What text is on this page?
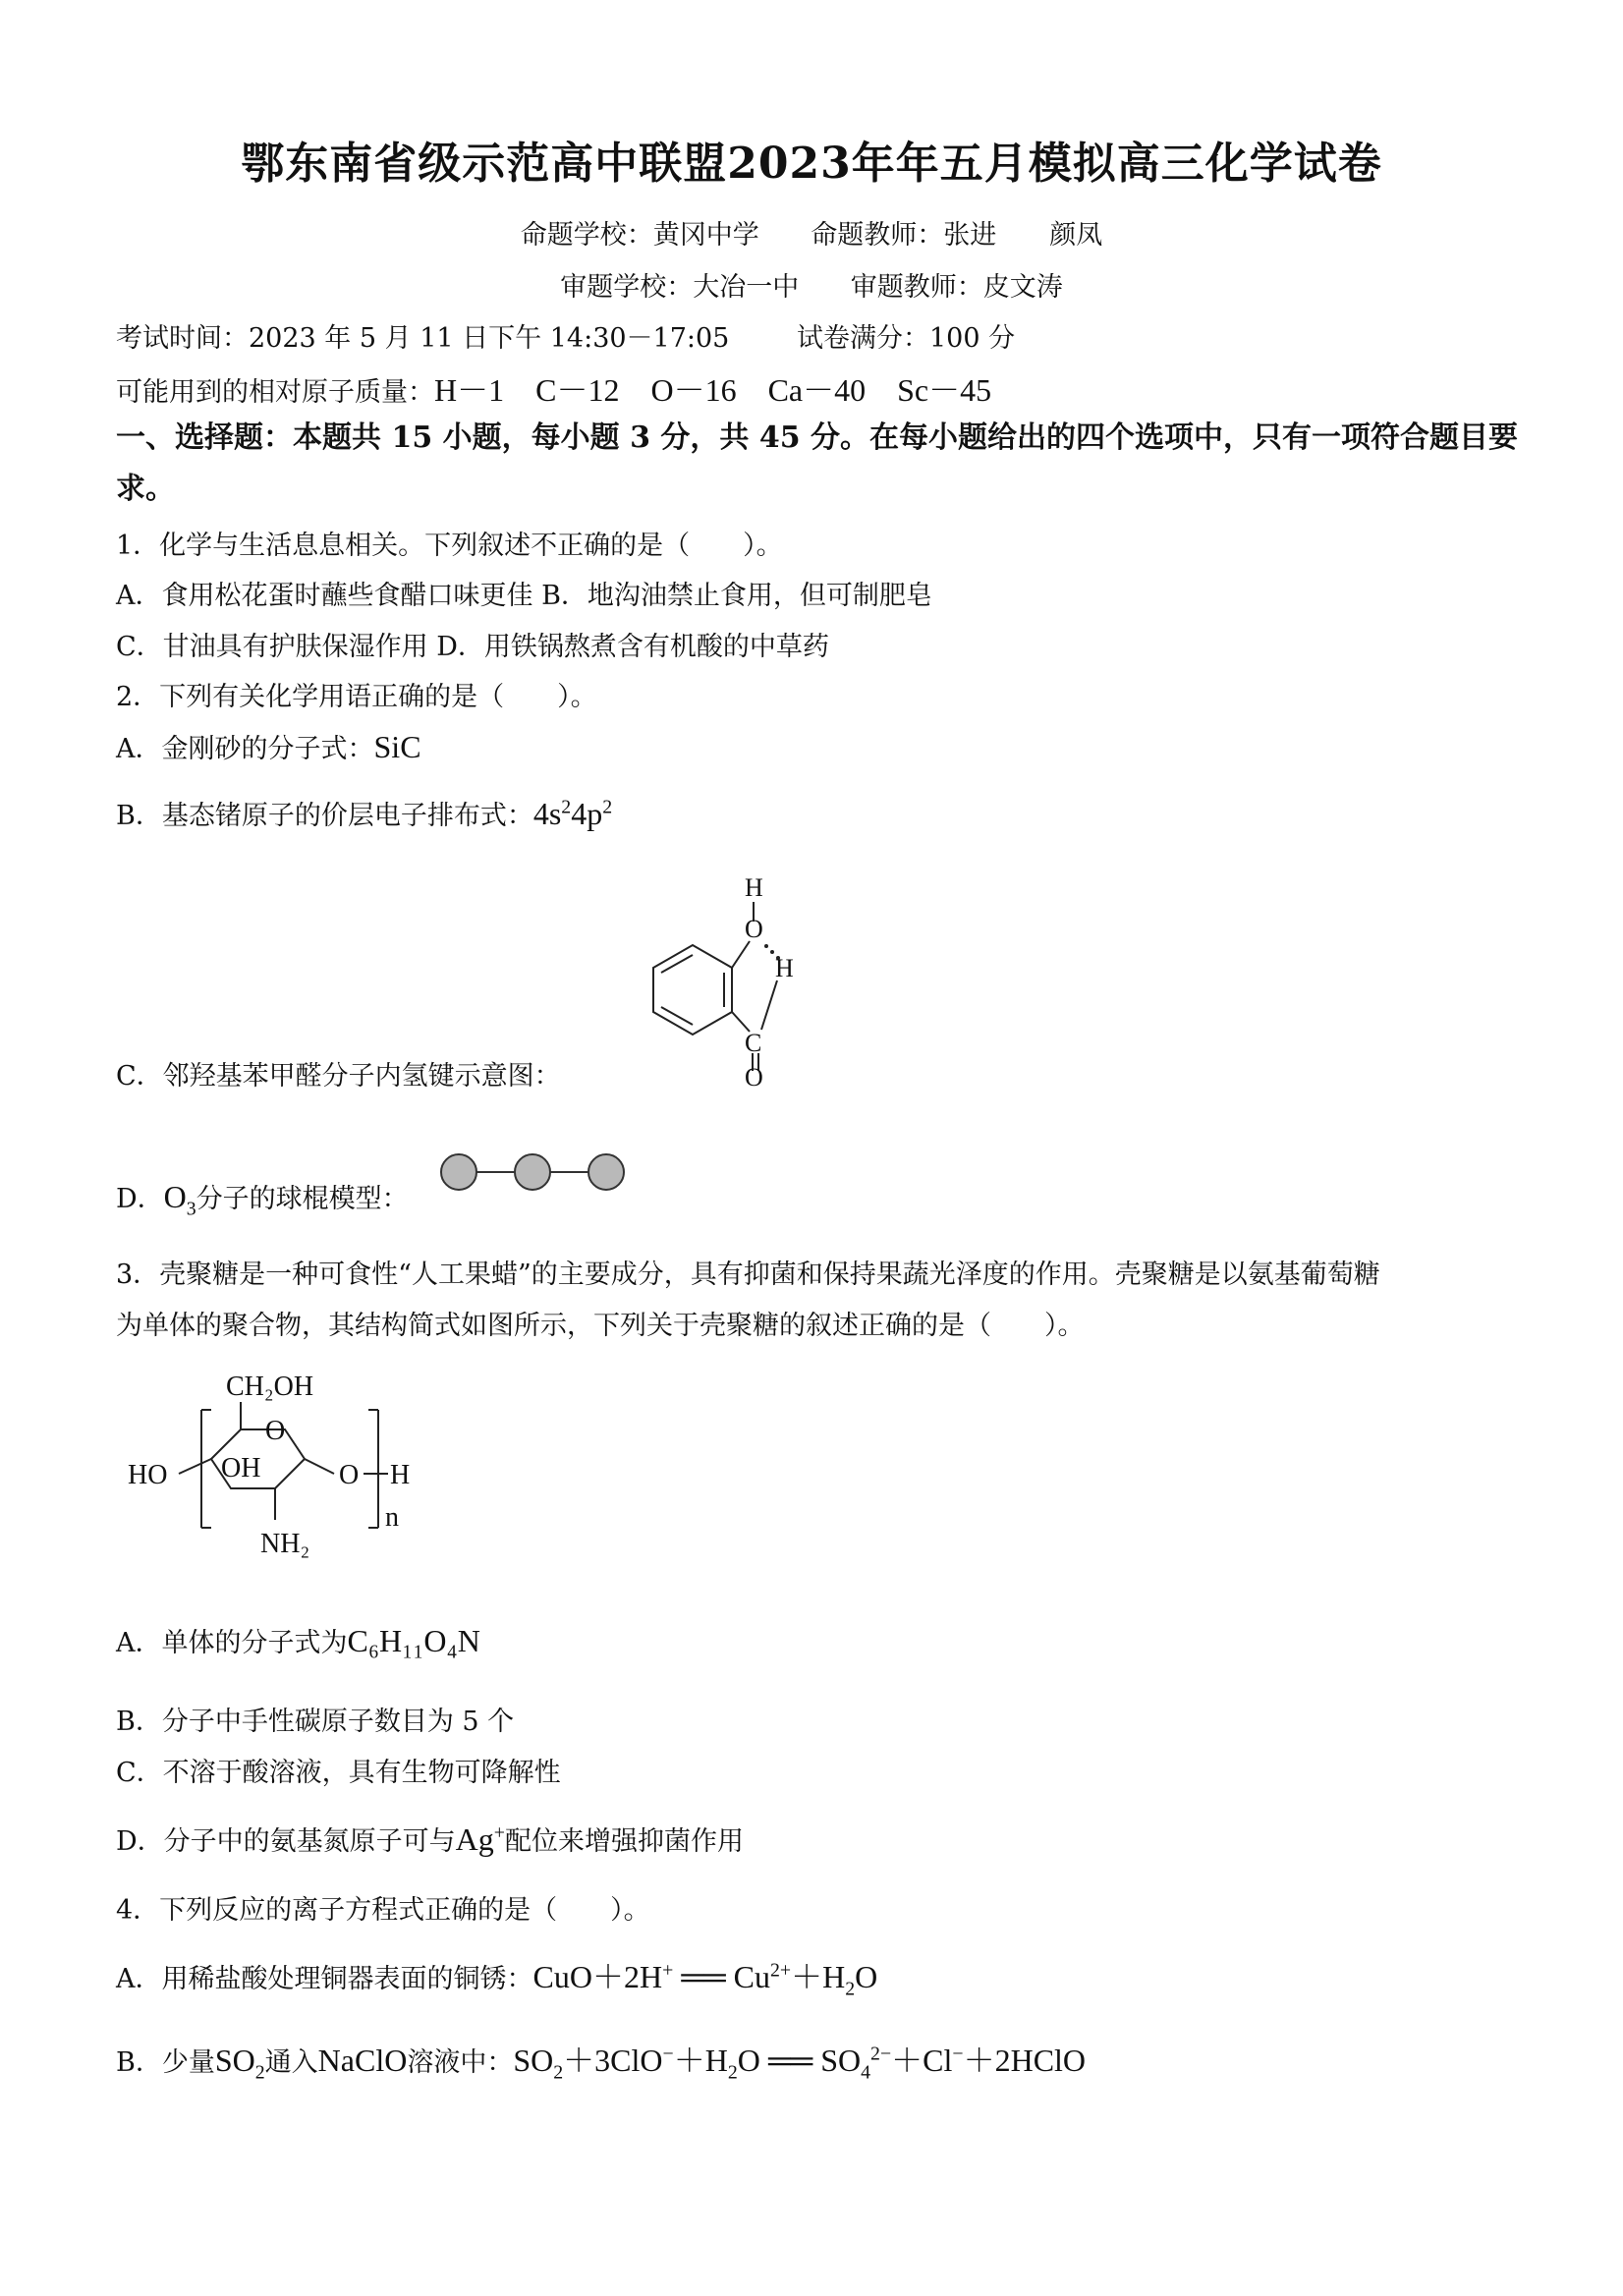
鄂东南省级示范高中联盟2023年年五月模拟高三化学试卷
命题学校：黄冈中学 命题教师：张进　　颜凤
审题学校：大冶一中 审题教师：皮文涛
考试时间：2023 年 5 月 11 日下午 14:30－17:05	试卷满分：100 分
可能用到的相对原子质量：H－1　C－12　O－16　Ca－40　Sc－45
一、选择题：本题共 15 小题，每小题 3 分，共 45 分。在每小题给出的四个选项中，只有一项符合题目要求。
1．化学与生活息息相关。下列叙述不正确的是（　　）。
A．食用松花蛋时蘸些食醋口味更佳 B．地沟油禁止食用，但可制肥皂
C．甘油具有护肤保湿作用 D．用铁锅熬煮含有机酸的中草药
2．下列有关化学用语正确的是（　　）。
A．金刚砂的分子式：SiC
B．基态锗原子的价层电子排布式：$4s^24p^2$
C．邻羟基苯甲醛分子内氢键示意图：
H
O
H
C
O
D．$O_3$分子的球棍模型：
3．壳聚糖是一种可食性“人工果蜡”的主要成分，具有抑菌和保持果蔬光泽度的作用。壳聚糖是以氨基葡萄糖
为单体的聚合物，其结构简式如图所示，下列关于壳聚糖的叙述正确的是（　　）。
CH₂OH
O
HO OH	O H
n
NH₂
A．单体的分子式为C₆H₁₁O₄N
B．分子中手性碳原子数目为 5 个
C．不溶于酸溶液，具有生物可降解性
D．分子中的氨基氮原子可与Ag+配位来增强抑菌作用
4．下列反应的离子方程式正确的是（　　）。
A．用稀盐酸处理铜器表面的铜锈：CuO＋2H+ ══ $Cu^{2+}+H_2O$
B．少量$SO_2$通入NaClO溶液中：$SO_2+3ClO^-+H_2O$ ══ $SO_4^{2-}+Cl^-+2HClO$
